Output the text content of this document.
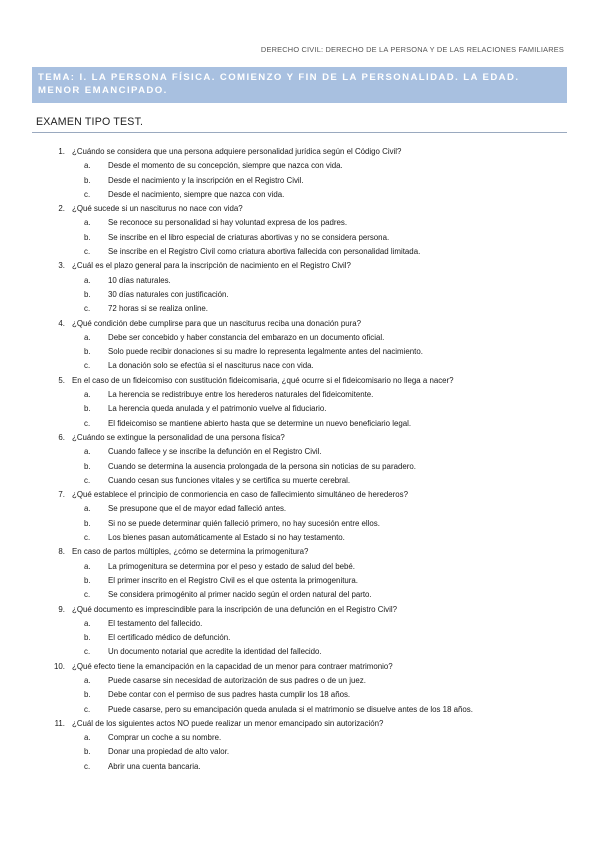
DERECHO CIVIL: DERECHO DE LA PERSONA Y DE LAS RELACIONES FAMILIARES
TEMA: I. LA PERSONA FÍSICA. COMIENZO Y FIN DE LA PERSONALIDAD. LA EDAD. MENOR EMANCIPADO.
EXAMEN TIPO TEST.
1. ¿Cuándo se considera que una persona adquiere personalidad jurídica según el Código Civil?
a.	Desde el momento de su concepción, siempre que nazca con vida.
b.	Desde el nacimiento y la inscripción en el Registro Civil.
c.	Desde el nacimiento, siempre que nazca con vida.
2. ¿Qué sucede si un nasciturus no nace con vida?
a.	Se reconoce su personalidad si hay voluntad expresa de los padres.
b.	Se inscribe en el libro especial de criaturas abortivas y no se considera persona.
c.	Se inscribe en el Registro Civil como criatura abortiva fallecida con personalidad limitada.
3. ¿Cuál es el plazo general para la inscripción de nacimiento en el Registro Civil?
a.	10 días naturales.
b.	30 días naturales con justificación.
c.	72 horas si se realiza online.
4. ¿Qué condición debe cumplirse para que un nasciturus reciba una donación pura?
a.	Debe ser concebido y haber constancia del embarazo en un documento oficial.
b.	Solo puede recibir donaciones si su madre lo representa legalmente antes del nacimiento.
c.	La donación solo se efectúa si el nasciturus nace con vida.
5. En el caso de un fideicomiso con sustitución fideicomisaria, ¿qué ocurre si el fideicomisario no llega a nacer?
a.	La herencia se redistribuye entre los herederos naturales del fideicomitente.
b.	La herencia queda anulada y el patrimonio vuelve al fiduciario.
c.	El fideicomiso se mantiene abierto hasta que se determine un nuevo beneficiario legal.
6. ¿Cuándo se extingue la personalidad de una persona física?
a.	Cuando fallece y se inscribe la defunción en el Registro Civil.
b.	Cuando se determina la ausencia prolongada de la persona sin noticias de su paradero.
c.	Cuando cesan sus funciones vitales y se certifica su muerte cerebral.
7. ¿Qué establece el principio de conmoriencia en caso de fallecimiento simultáneo de herederos?
a.	Se presupone que el de mayor edad falleció antes.
b.	Si no se puede determinar quién falleció primero, no hay sucesión entre ellos.
c.	Los bienes pasan automáticamente al Estado si no hay testamento.
8. En caso de partos múltiples, ¿cómo se determina la primogenitura?
a.	La primogenitura se determina por el peso y estado de salud del bebé.
b.	El primer inscrito en el Registro Civil es el que ostenta la primogenitura.
c.	Se considera primogénito al primer nacido según el orden natural del parto.
9. ¿Qué documento es imprescindible para la inscripción de una defunción en el Registro Civil?
a.	El testamento del fallecido.
b.	El certificado médico de defunción.
c.	Un documento notarial que acredite la identidad del fallecido.
10. ¿Qué efecto tiene la emancipación en la capacidad de un menor para contraer matrimonio?
a.	Puede casarse sin necesidad de autorización de sus padres o de un juez.
b.	Debe contar con el permiso de sus padres hasta cumplir los 18 años.
c.	Puede casarse, pero su emancipación queda anulada si el matrimonio se disuelve antes de los 18 años.
11. ¿Cuál de los siguientes actos NO puede realizar un menor emancipado sin autorización?
a.	Comprar un coche a su nombre.
b.	Donar una propiedad de alto valor.
c.	Abrir una cuenta bancaria.
